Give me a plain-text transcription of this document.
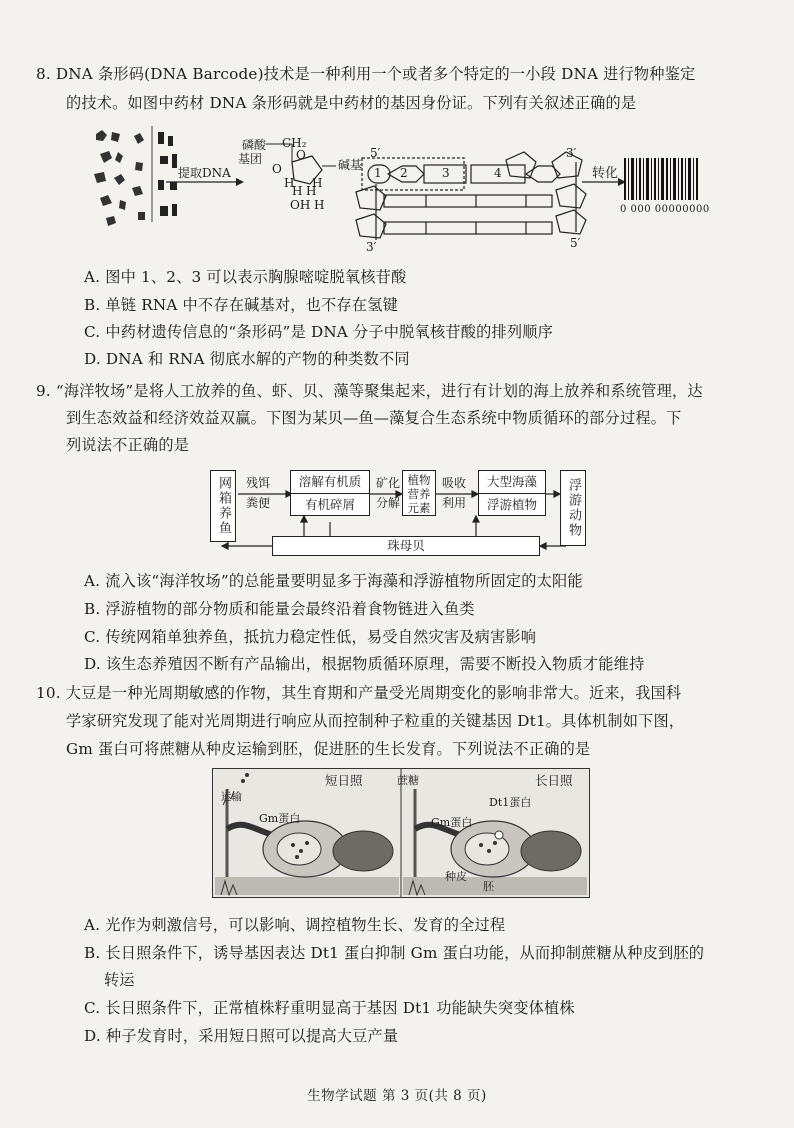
8. DNA 条形码(DNA Barcode)技术是一种利用一个或者多个特定的一小段 DNA 进行物种鉴定
的技术。如图中药材 DNA 条形码就是中药材的基因身份证。下列有关叙述正确的是
提取DNA
磷酸
基团
CH₂
O
O	碱基
H H
H H
OH H
1 2	3	4
5′	3′
3′	5′
转化
0 000 00000000
A. 图中 1、2、3 可以表示胸腺嘧啶脱氧核苷酸
B. 单链 RNA 中不存在碱基对，也不存在氢键
C. 中药材遗传信息的“条形码”是 DNA 分子中脱氧核苷酸的排列顺序
D. DNA 和 RNA 彻底水解的产物的种类数不同
9. “海洋牧场”是将人工放养的鱼、虾、贝、藻等聚集起来，进行有计划的海上放养和系统管理，达
到生态效益和经济效益双赢。下图为某贝—鱼—藻复合生态系统中物质循环的部分过程。下
列说法不正确的是
网箱养鱼	残饵
粪便
溶解有机质
有机碎屑
矿化
分解
植物营养元素
吸收
利用
大型海藻
浮游植物	浮游动物
珠母贝
A. 流入该“海洋牧场”的总能量要明显多于海藻和浮游植物所固定的太阳能
B. 浮游植物的部分物质和能量会最终沿着食物链进入鱼类
C. 传统网箱单独养鱼，抵抗力稳定性低，易受自然灾害及病害影响
D. 该生态养殖因不断有产品输出，根据物质循环原理，需要不断投入物质才能维持
10. 大豆是一种光周期敏感的作物，其生育期和产量受光周期变化的影响非常大。近来，我国科
学家研究发现了能对光周期进行响应从而控制种子粒重的关键基因 Dt1。具体机制如下图，
Gm 蛋白可将蔗糖从种皮运输到胚，促进胚的生长发育。下列说法不正确的是
短日照	长日照
运输
蔗糖
Gm蛋白	Gm蛋白
Dt1蛋白
种皮
胚
A. 光作为刺激信号，可以影响、调控植物生长、发育的全过程
B. 长日照条件下，诱导基因表达 Dt1 蛋白抑制 Gm 蛋白功能，从而抑制蔗糖从种皮到胚的
转运
C. 长日照条件下，正常植株籽重明显高于基因 Dt1 功能缺失突变体植株
D. 种子发育时，采用短日照可以提高大豆产量
生物学试题 第 3 页(共 8 页)
